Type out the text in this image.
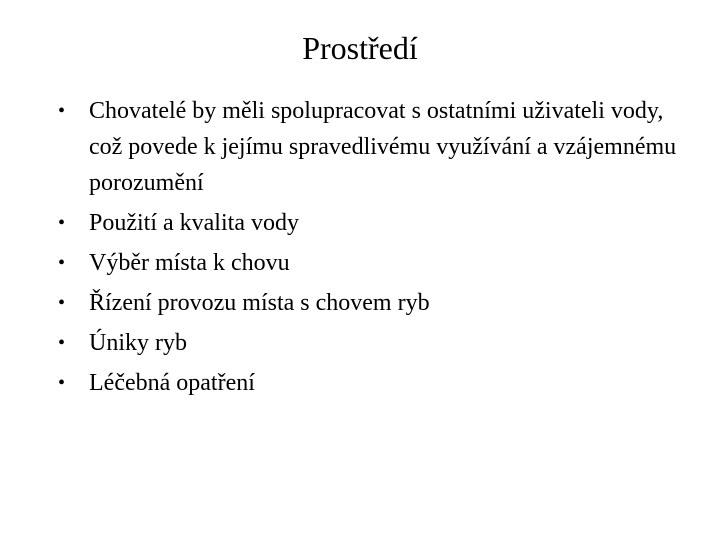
Prostředí
• Chovatelé by měli spolupracovat s ostatními uživateli vody, což povede k jejímu spravedlivému využívání a vzájemnému porozumění
• Použití a kvalita vody
• Výběr místa k chovu
• Řízení provozu místa s chovem ryb
• Úniky ryb
• Léčebná opatření
